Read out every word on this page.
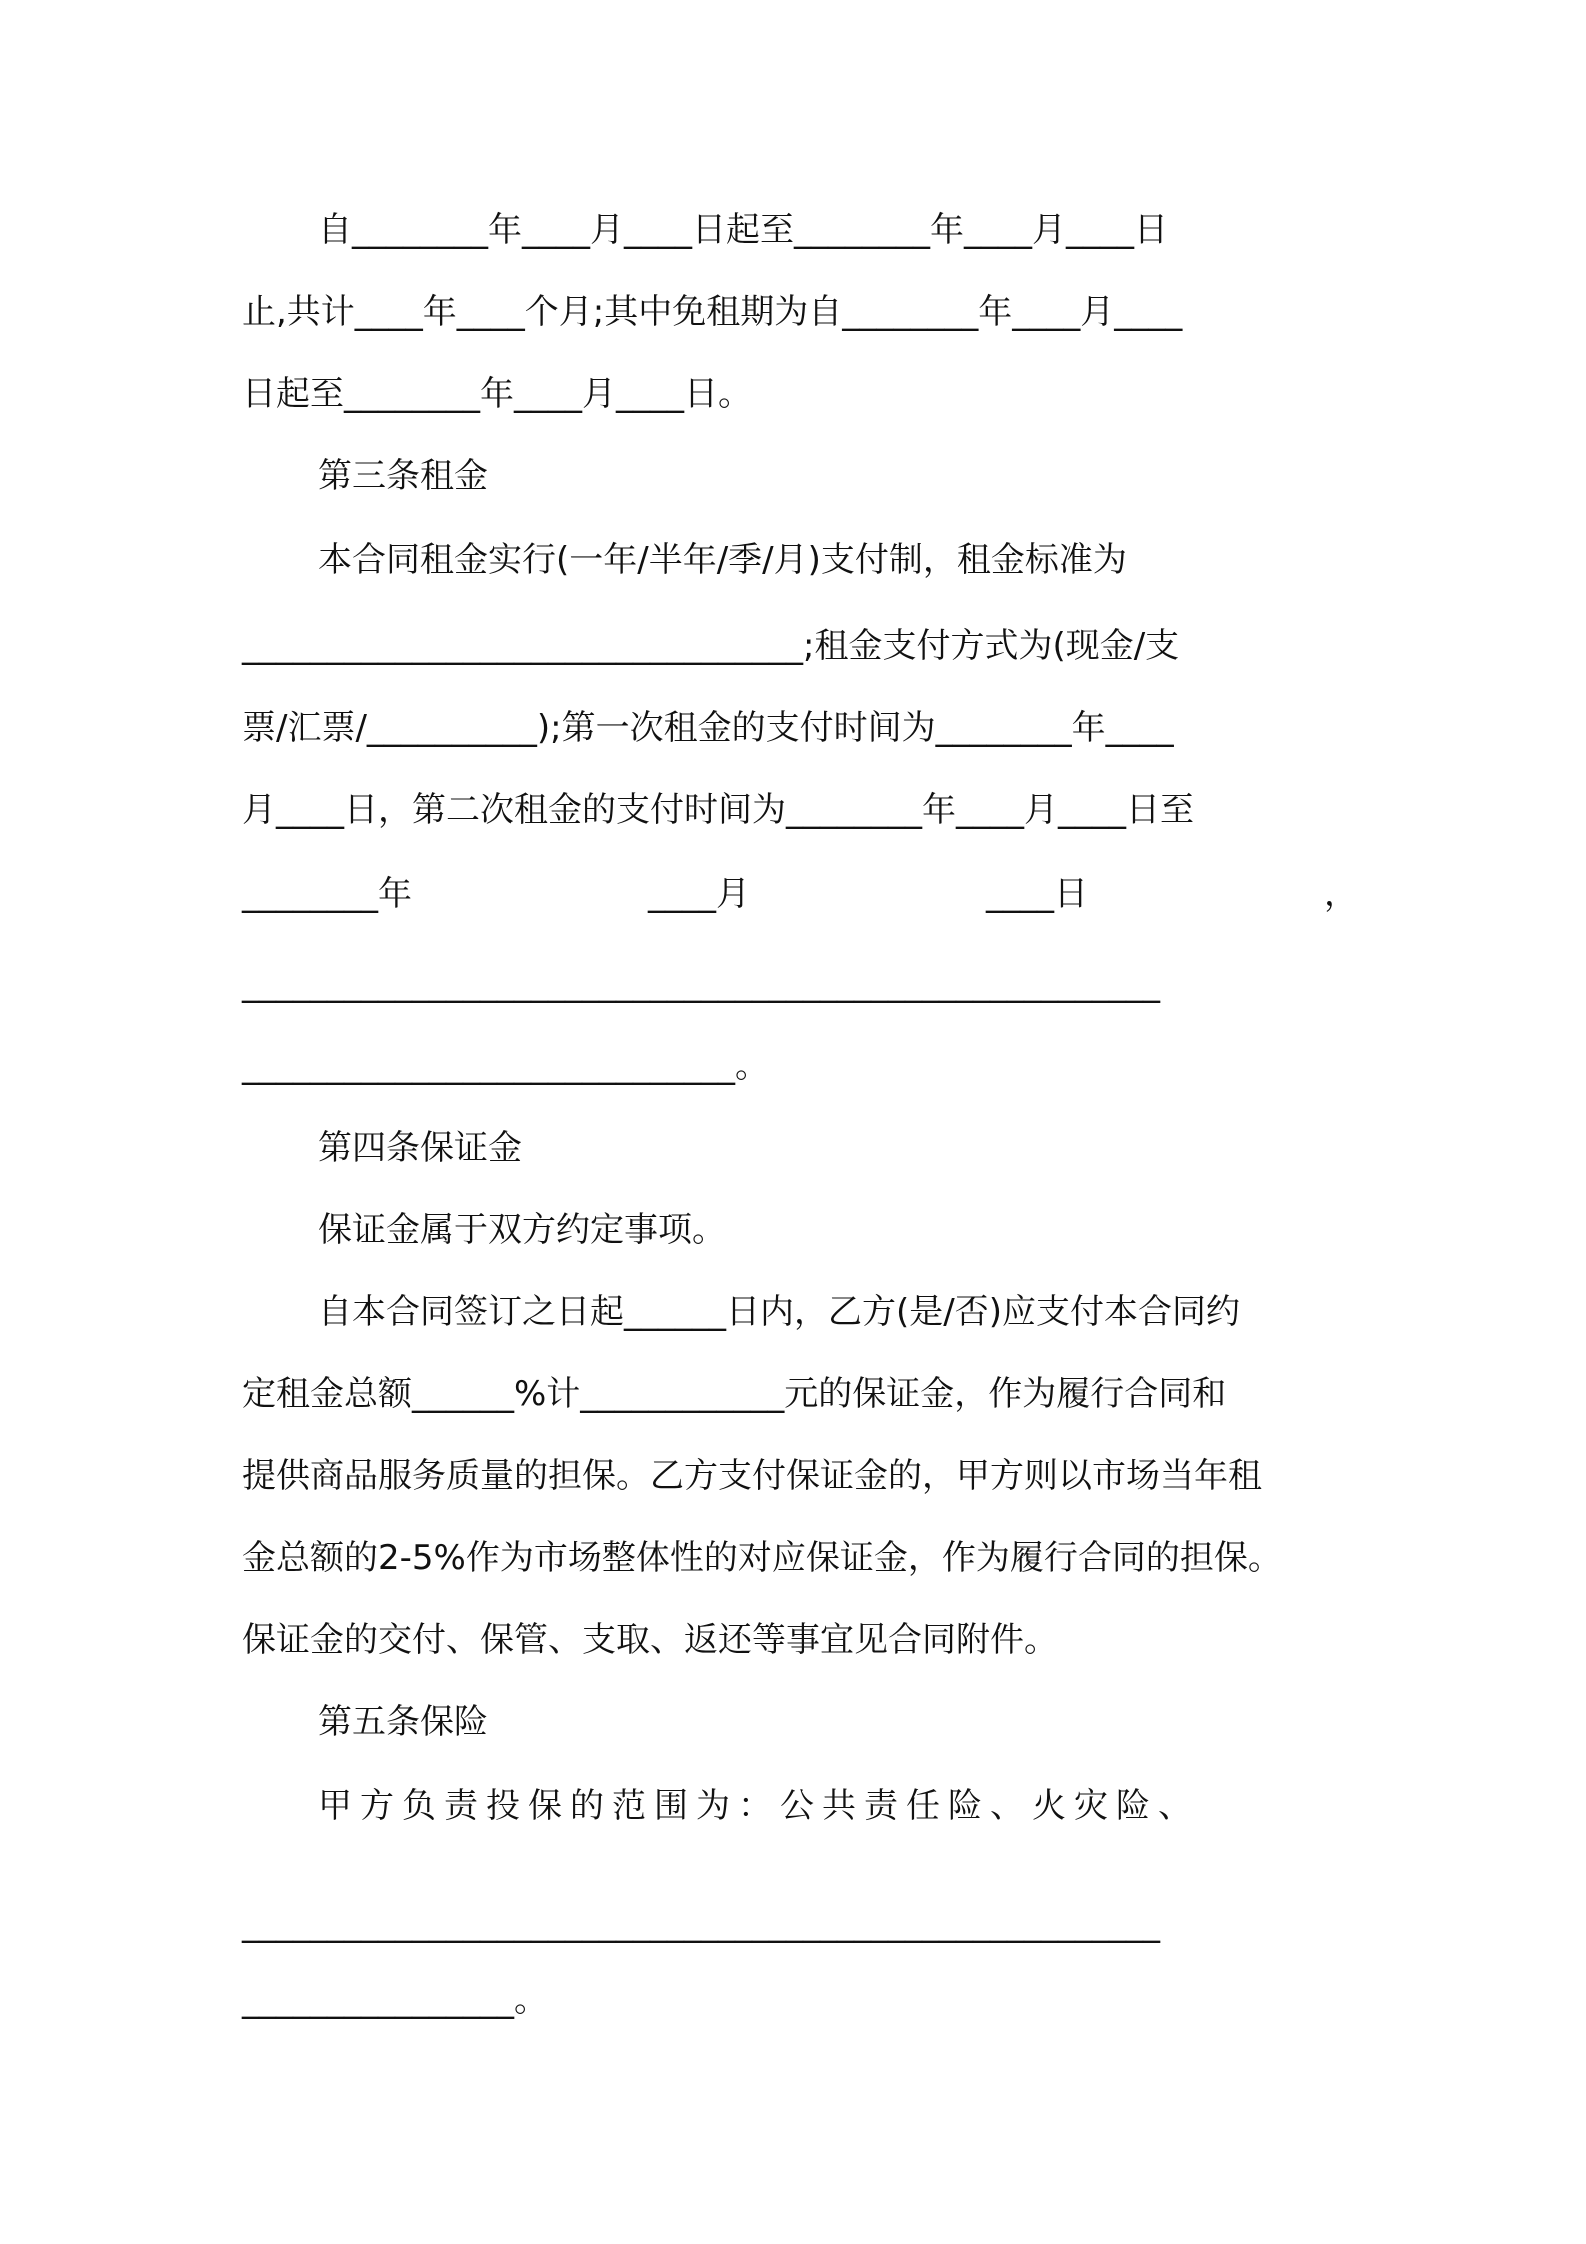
自________年____月____日起至________年____月____日
止,共计____年____个月;其中免租期为自________年____月____
日起至________年____月____日。
第三条租金
本合同租金实行(一年/半年/季/月)支付制，租金标准为
_________________________________;租金支付方式为(现金/支
票/汇票/__________);第一次租金的支付时间为________年____
月____日，第二次租金的支付时间为________年____月____日至
________年	____月	____日	，
______________________________________________________
_____________________________。
第四条保证金
保证金属于双方约定事项。
自本合同签订之日起______日内，乙方(是/否)应支付本合同约
定租金总额______%计____________元的保证金，作为履行合同和
提供商品服务质量的担保。乙方支付保证金的，甲方则以市场当年租
金总额的2-5%作为市场整体性的对应保证金，作为履行合同的担保。
保证金的交付、保管、支取、返还等事宜见合同附件。
第五条保险
甲方负责投保的范围为：公共责任险、火灾险、
______________________________________________________
________________。
